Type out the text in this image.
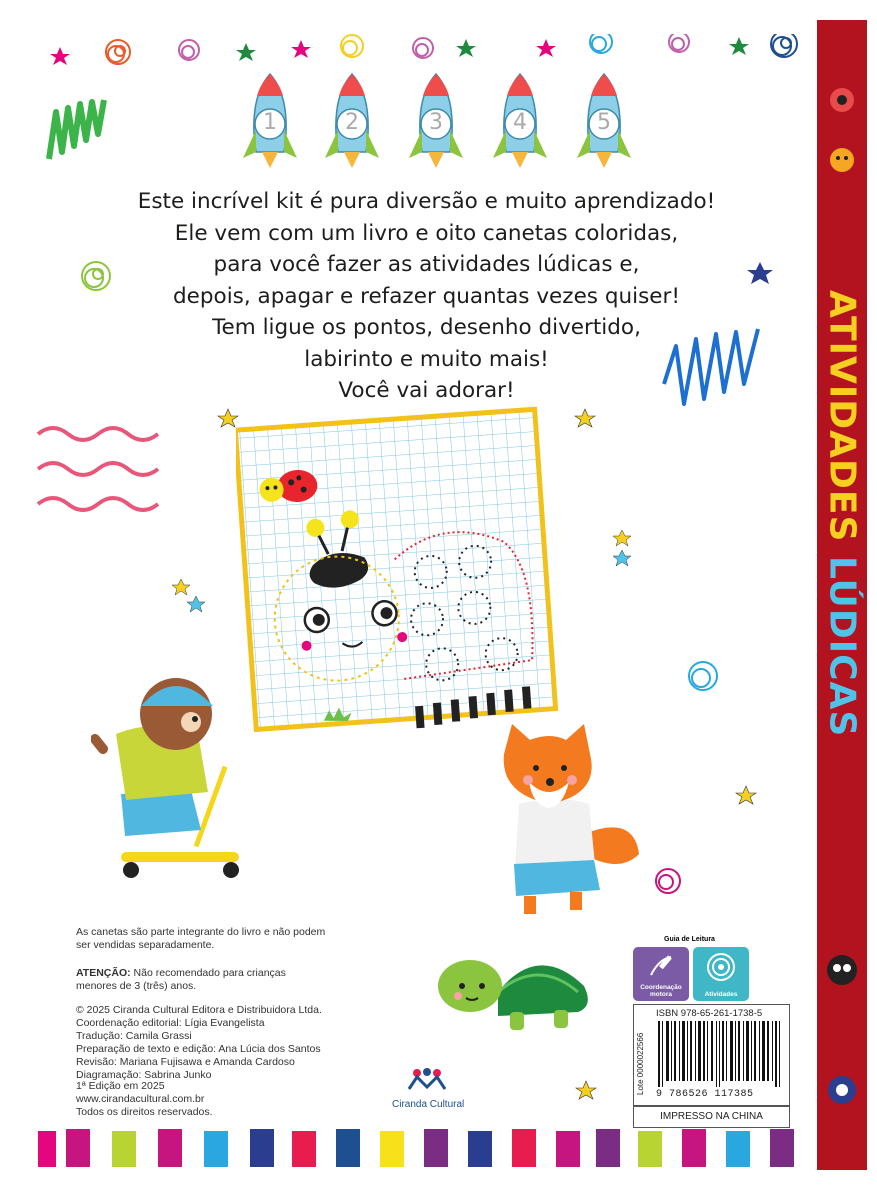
ATIVIDADES LÚDICAS
1	2	3	4	5
Este incrível kit é pura diversão e muito aprendizado!
Ele vem com um livro e oito canetas coloridas,
para você fazer as atividades lúdicas e,
depois, apagar e refazer quantas vezes quiser!
Tem ligue os pontos, desenho divertido,
labirinto e muito mais!
Você vai adorar!
As canetas são parte integrante do livro e não podem
ser vendidas separadamente.
ATENÇÃO: Não recomendado para crianças
menores de 3 (três) anos.
© 2025 Ciranda Cultural Editora e Distribuidora Ltda.
Coordenação editorial: Lígia Evangelista
Tradução: Camila Grassi
Preparação de texto e edição: Ana Lúcia dos Santos
Revisão: Mariana Fujisawa e Amanda Cardoso
Diagramação: Sabrina Junko
1ª Edição em 2025
www.cirandacultural.com.br
Todos os direitos reservados.
Ciranda Cultural
Coordenação motora	Atividades
Guia de Leitura
ISBN 978-65-261-1738-5
Lote 0000022566 9 786526 117385
IMPRESSO NA CHINA
